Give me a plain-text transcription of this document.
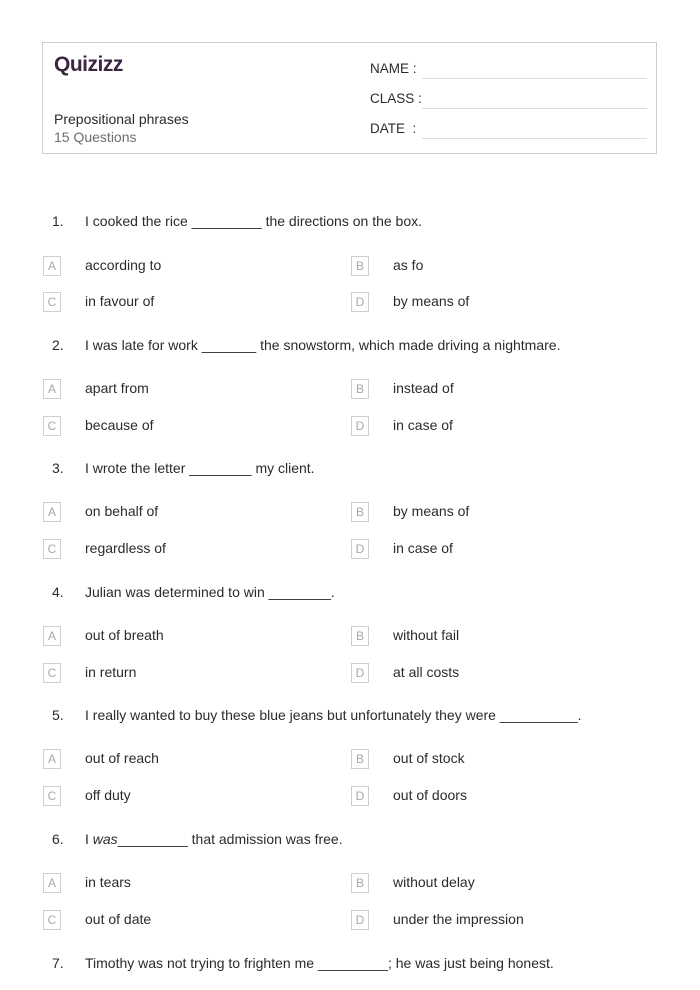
Quizizz
Prepositional phrases
15 Questions
NAME :
CLASS :
DATE  :
1. I cooked the rice _________ the directions on the box.
A	according to	B	as fo
C	in favour of	D	by means of
2. I was late for work _______ the snowstorm, which made driving a nightmare.
A	apart from	B	instead of
C	because of	D	in case of
3. I wrote the letter ________ my client.
A	on behalf of	B	by means of
C	regardless of	D	in case of
4. Julian was determined to win ________.
A	out of breath	B	without fail
C	in return	D	at all costs
5. I really wanted to buy these blue jeans but unfortunately they were __________.
A	out of reach	B	out of stock
C	off duty	D	out of doors
6. I was_________ that admission was free.
A	in tears	B	without delay
C	out of date	D	under the impression
7. Timothy was not trying to frighten me _________; he was just being honest.
